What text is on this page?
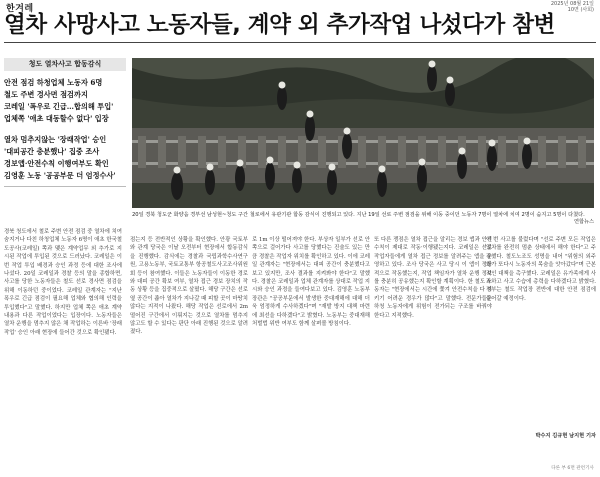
한겨레	2025년 08월 21일
10면 (사회)
열차 사망사고 노동자들, 계약 외 추가작업 나섰다가 참변
청도 열차사고 합동감식
안전 점검 하청업체 노동자 6명
철도 주변 경사면 점검까지
코레일 '폭우로 긴급…합의해 투입'
업체쪽 '애초 대동할수 없다' 입장
열차 멈추지않는 '장래작업' 승인
'대피공간 충분했나' 집중 조사
경보앱·안전수칙 이행여부도 확인
김영훈 노동 '공공부문 더 엄정수사'
20일 경북 청도군 화양읍 경부선 남성현~청도 구간 철로에서 유관기관 합동 감식이 진행되고 있다. 지난 19일 선로 주변 점검을 위해 이동 중이던 노동자 7명이 열차에 치여 2명이 숨지고 5명이 다쳤다.
연합뉴스
경북 청도에서 철로 주변 안전 점검 중 열차에 치여 숨지거나 다친 하청업체 노동자 6명이 애초 한국철도공사(코레일) 쪽과 맺은 계약업무 외 추가로 지시된 작업에 투입된 것으로 드러났다. 코레일은 이번 작업 투입 배경과 승인 과정 등에 대한 조사에 나섰다. 20일 코레일과 경찰 등의 말을 종합하면, 사고를 당한 노동자들은 철도 선로 경사면 점검을 위해 이동하던 중이었다. 코레일 관계자는 "지난 폭우로 긴급 점검이 필요해 업체와 협의해 인력을 투입했다"고 말했다. 하지만 업체 쪽은 애초 계약 내용과 다른 작업이었다는 입장이다. 노동자들은 열차 운행을 멈추지 않은 채 작업하는 이른바 '장래작업' 승인 아래 현장에 들어간 것으로 확인됐다.
점는지 등 전반적인 상황을 확인했다. 안광 국토부와 관계 당국은 이날 오전부터 현장에서 합동감식을 진행했다. 감식에는 경찰과 국립과학수사연구원, 고용노동부, 국토교통부 항공철도사고조사위원회 등이 참여했다. 이들은 노동자들이 이동한 경로와 대피 공간 확보 여부, 열차 접근 경보 장치의 작동 상황 등을 집중적으로 살폈다. 해당 구간은 선로 옆 공간이 좁아 열차가 지나갈 때 피할 곳이 마땅치 않다는 지적이 나왔다. 해당 작업은 선로에서 2m 떨어진 구간에서 이뤄지는 것으로 열차를 멈추지 않고도 할 수 있다는 판단 아래 진행된 것으로 알려졌다.
로 1m 이상 떨어져야 한다. 부상자 일부가 선로 안 쪽으로 걸어가다 사고를 당했다는 진술도 있는 만큼 경찰은 작업자 위치를 확인하고 있다. 이에 코레일 관계자는 "현장에서는 대피 공간이 충분했다고 보고 있지만, 조사 결과를 지켜봐야 한다"고 말했다. 경찰은 코레일과 업체 관계자를 상대로 작업 지시와 승인 과정을 들여다보고 있다. 김영훈 노동부 장관은 "공공부문에서 발생한 중대재해에 대해 더욱 엄정하게 수사하겠다"며 "재발 방지 대책 마련에 최선을 다하겠다"고 밝혔다. 노동부는 중대재해처벌법 위반 여부도 함께 살펴볼 방침이다.
또 다른 쟁점은 열차 접근을 알리는 경보 앱과 안전수칙이 제대로 작동·이행됐는지다. 코레일은 선로 작업자들에게 열차 접근 정보를 알려주는 앱을 운영하고 있다. 조사 당국은 사고 당시 이 앱이 정상적으로 작동했는지, 작업 책임자가 열차 운행 정보를 충분히 공유했는지 확인할 계획이다. 한 철도 노동자는 "현장에서는 시간에 쫓겨 안전수칙을 다 지키기 어려운 경우가 많다"고 말했다. 전문가들은 하청 노동자에게 위험이 전가되는 구조를 바꿔야 한다고 지적했다.
이 번 사고를 불렀다며 "선로 주변 모든 작업은 열차를 완전히 멈춘 상태에서 해야 한다"고 주장했다. 철도노조도 성명을 내어 "위험의 외주화가 또다시 노동자의 목숨을 앗아갔다"며 근본적인 대책을 촉구했다. 코레일은 유가족에게 사과하고 사고 수습에 총력을 다하겠다고 밝혔다. 정부는 철도 작업장 전반에 대한 안전 점검에 들어갈 예정이다.
박수지 김규현 남지현 기자
다른 부 6면 관련기사
